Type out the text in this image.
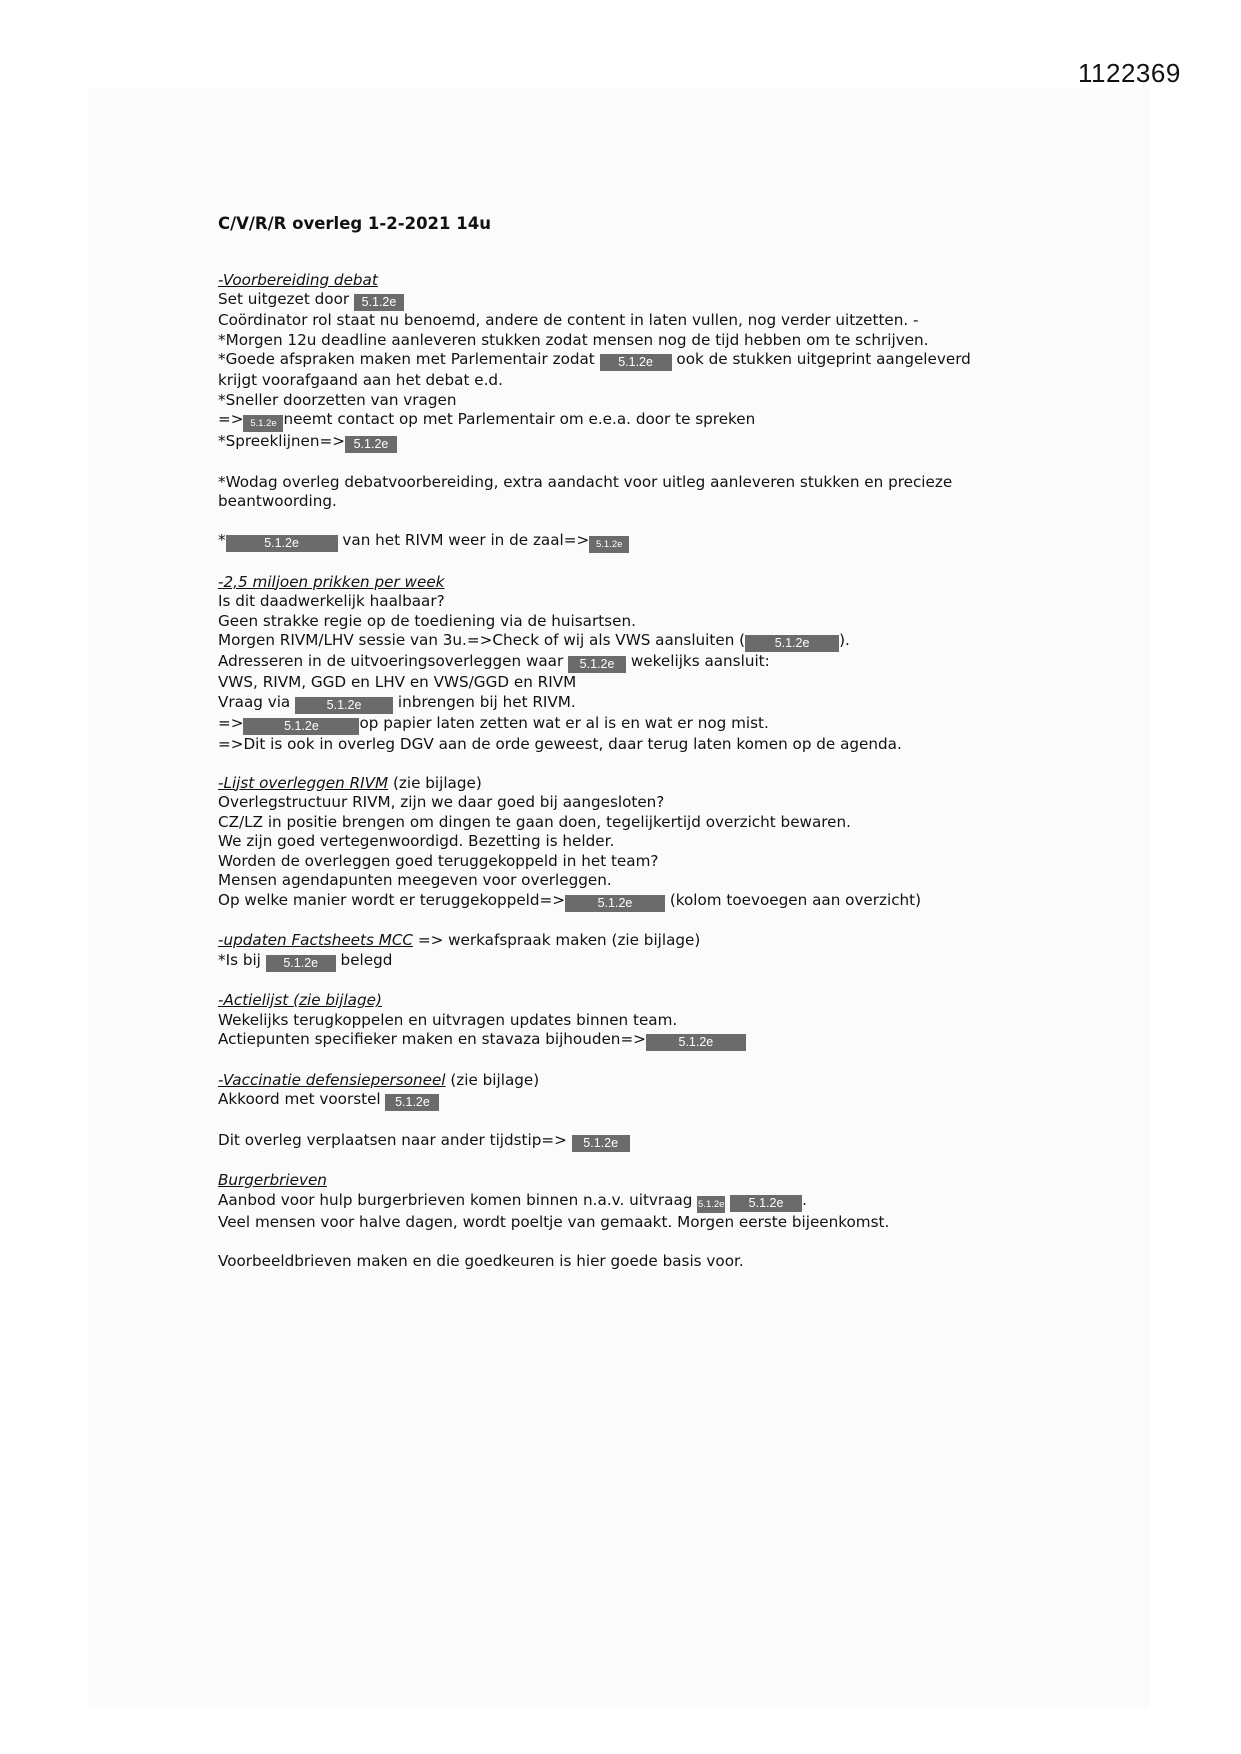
1122369
C/V/R/R overleg 1-2-2021 14u
-Voorbereiding debat
Set uitgezet door 5.1.2e
Coördinator rol staat nu benoemd, andere de content in laten vullen, nog verder uitzetten. -
*Morgen 12u deadline aanleveren stukken zodat mensen nog de tijd hebben om te schrijven.
*Goede afspraken maken met Parlementair zodat 5.1.2e ook de stukken uitgeprint aangeleverd
krijgt voorafgaand aan het debat e.d.
*Sneller doorzetten van vragen
=> 5.1.2e neemt contact op met Parlementair om e.e.a. door te spreken
*Spreeklijnen=> 5.1.2e
*Wodag overleg debatvoorbereiding, extra aandacht voor uitleg aanleveren stukken en precieze
beantwoording.
*	5.1.2e	van het RIVM weer in de zaal=> 5.1.2e
-2,5 miljoen prikken per week
Is dit daadwerkelijk haalbaar?
Geen strakke regie op de toediening via de huisartsen.
Morgen RIVM/LHV sessie van 3u.=>Check of wij als VWS aansluiten ( 5.1.2e ).
Adresseren in de uitvoeringsoverleggen waar 5.1.2e wekelijks aansluit:
VWS, RIVM, GGD en LHV en VWS/GGD en RIVM
Vraag via	5.1.2e inbrengen bij het RIVM.
=>	5.1.2e	op papier laten zetten wat er al is en wat er nog mist.
=>Dit is ook in overleg DGV aan de orde geweest, daar terug laten komen op de agenda.
-Lijst overleggen RIVM (zie bijlage)
Overlegstructuur RIVM, zijn we daar goed bij aangesloten?
CZ/LZ in positie brengen om dingen te gaan doen, tegelijkertijd overzicht bewaren.
We zijn goed vertegenwoordigd. Bezetting is helder.
Worden de overleggen goed teruggekoppeld in het team?
Mensen agendapunten meegeven voor overleggen.
Op welke manier wordt er teruggekoppeld=>	5.1.2e (kolom toevoegen aan overzicht)
-updaten Factsheets MCC => werkafspraak maken (zie bijlage)
*Is bij 5.1.2e belegd
-Actielijst (zie bijlage)
Wekelijks terugkoppelen en uitvragen updates binnen team.
Actiepunten specifieker maken en stavaza bijhouden=>	5.1.2e
-Vaccinatie defensiepersoneel (zie bijlage)
Akkoord met voorstel 5.1.2e
Dit overleg verplaatsen naar ander tijdstip=> 5.1.2e
Burgerbrieven
Aanbod voor hulp burgerbrieven komen binnen n.a.v. uitvraag 5.1.2e 5.1.2e .
Veel mensen voor halve dagen, wordt poeltje van gemaakt. Morgen eerste bijeenkomst.
Voorbeeldbrieven maken en die goedkeuren is hier goede basis voor.
